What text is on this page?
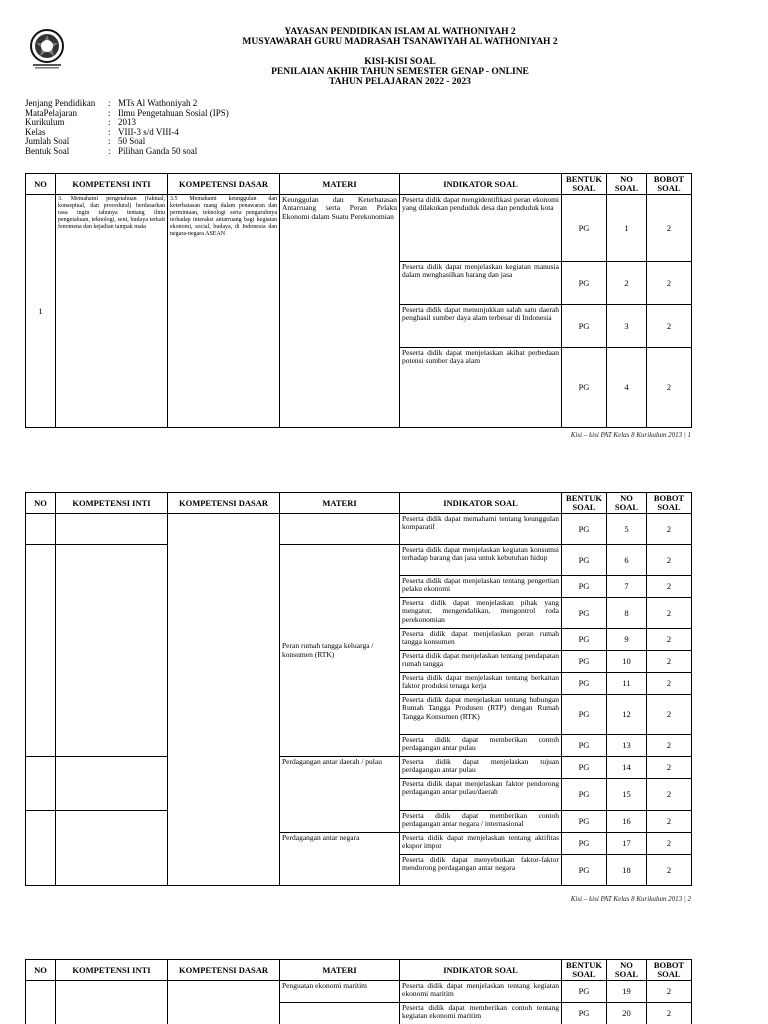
YAYASAN PENDIDIKAN ISLAM AL WATHONIYAH 2
MUSYAWARAH GURU MADRASAH TSANAWIYAH AL WATHONIYAH 2
KISI-KISI SOAL
PENILAIAN AKHIR TAHUN SEMESTER GENAP - ONLINE
TAHUN PELAJARAN 2022 - 2023
Jenjang Pendidikan	: MTs Al Wathoniyah 2
MataPelajaran	: Ilmu Pengetahuan Sosial (IPS)
Kurikulum	: 2013
Kelas	: VIII-3 s/d VIII-4
Jumlah Soal	: 50 Soal
Bentuk Soal	: Pilihan Ganda 50 soal
NO	KOMPETENSI INTI	KOMPETENSI DASAR	MATERI	INDIKATOR SOAL	BENTUK SOAL	NO SOAL	BOBOT SOAL
1	3. Memahami pengetahuan (faktual, konseptual, dan procedural) berdasarkan rasa ingin tahunya tentang ilmu pengetahuan, teknologi, seni, budaya terkait fenomena dan kejadian tampak mata	3.5 Memahami keunggulan dan keterbatasan ruang dalam penawaran dan permintaan, teknologi serta pengaruhnya terhadap interaksi antarruang bagi kegiatan ekonomi, social, budaya, di Indonesia dan negara-negara ASEAN	Keunggulan dan Keterbatasan Antarruang serta Peran Pelaku Ekonomi dalam Suatu Perekonomian	Peserta didik dapat mengidentifikasi peran ekonomi yang dilakukan penduduk desa dan penduduk kota	PG	1	2
				Peserta didik dapat menjelaskan kegiatan manusia dalam menghasilkan barang dan jasa	PG	2	2
				Peserta didik dapat menunjukkan salah satu daerah penghasil sumber daya alam terbesar di Indonesia	PG	3	2
				Peserta didik dapat menjelaskan akibat perbedaan potensi sumber daya alam	PG	4	2
Kisi – kisi PAT Kelas 8 Kurikulum 2013 | 1
NO	KOMPETENSI INTI	KOMPETENSI DASAR	MATERI	INDIKATOR SOAL	BENTUK SOAL	NO SOAL	BOBOT SOAL
				Peserta didik dapat memahami tentang keunggulan komparatif	PG	5	2
			Peran rumah tangga keluarga / konsumen (RTK)	Peserta didik dapat menjelaskan kegiatan konsumsi terhadap barang dan jasa untuk kebutuhan hidup	PG	6	2
				Peserta didik dapat menjelaskan tentang pengertian pelaku ekonomi	PG	7	2
				Peserta didik dapat menjelaskan pihak yang mengatur, mengendalikan, mengontrol roda perekonomian	PG	8	2
				Peserta didik dapat menjelaskan peran rumah tangga konsumen	PG	9	2
				Peserta didik dapat menjelaskan tentang pendapatan rumah tangga	PG	10	2
				Peserta didik dapat menjelaskan tentang berkaitan faktor produksi tenaga kerja	PG	11	2
				Peserta didik dapat menjelaskan tentang hubungan Rumah Tangga Produsen (RTP) dengan Rumah Tangga Konsumen (RTK)	PG	12	2
				Peserta didik dapat memberikan contoh perdagangan antar pulau	PG	13	2
			Perdagangan antar daerah / pulau	Peserta didik dapat menjelaskan tujuan perdagangan antar pulau	PG	14	2
				Peserta didik dapat menjelaskan faktor pendorong perdagangan antar pulau/daerah	PG	15	2
				Peserta didik dapat memberikan contoh perdagangan antar negara / internasional	PG	16	2
			Perdagangan antar negara	Peserta didik dapat menjelaskan tentang aktifitas ekspor impor	PG	17	2
				Peserta didik dapat menyebutkan faktor-faktor mendorong perdagangan antar negara	PG	18	2
Kisi – kisi PAT Kelas 8 Kurikulum 2013 | 2
NO	KOMPETENSI INTI	KOMPETENSI DASAR	MATERI	INDIKATOR SOAL	BENTUK SOAL	NO SOAL	BOBOT SOAL
			Penguatan ekonomi maritim	Peserta didik dapat menjelaskan tentang kegiatan ekonomi maritim	PG	19	2
				Peserta didik dapat memberikan contoh tentang kegiatan ekonomi maritim	PG	20	2
